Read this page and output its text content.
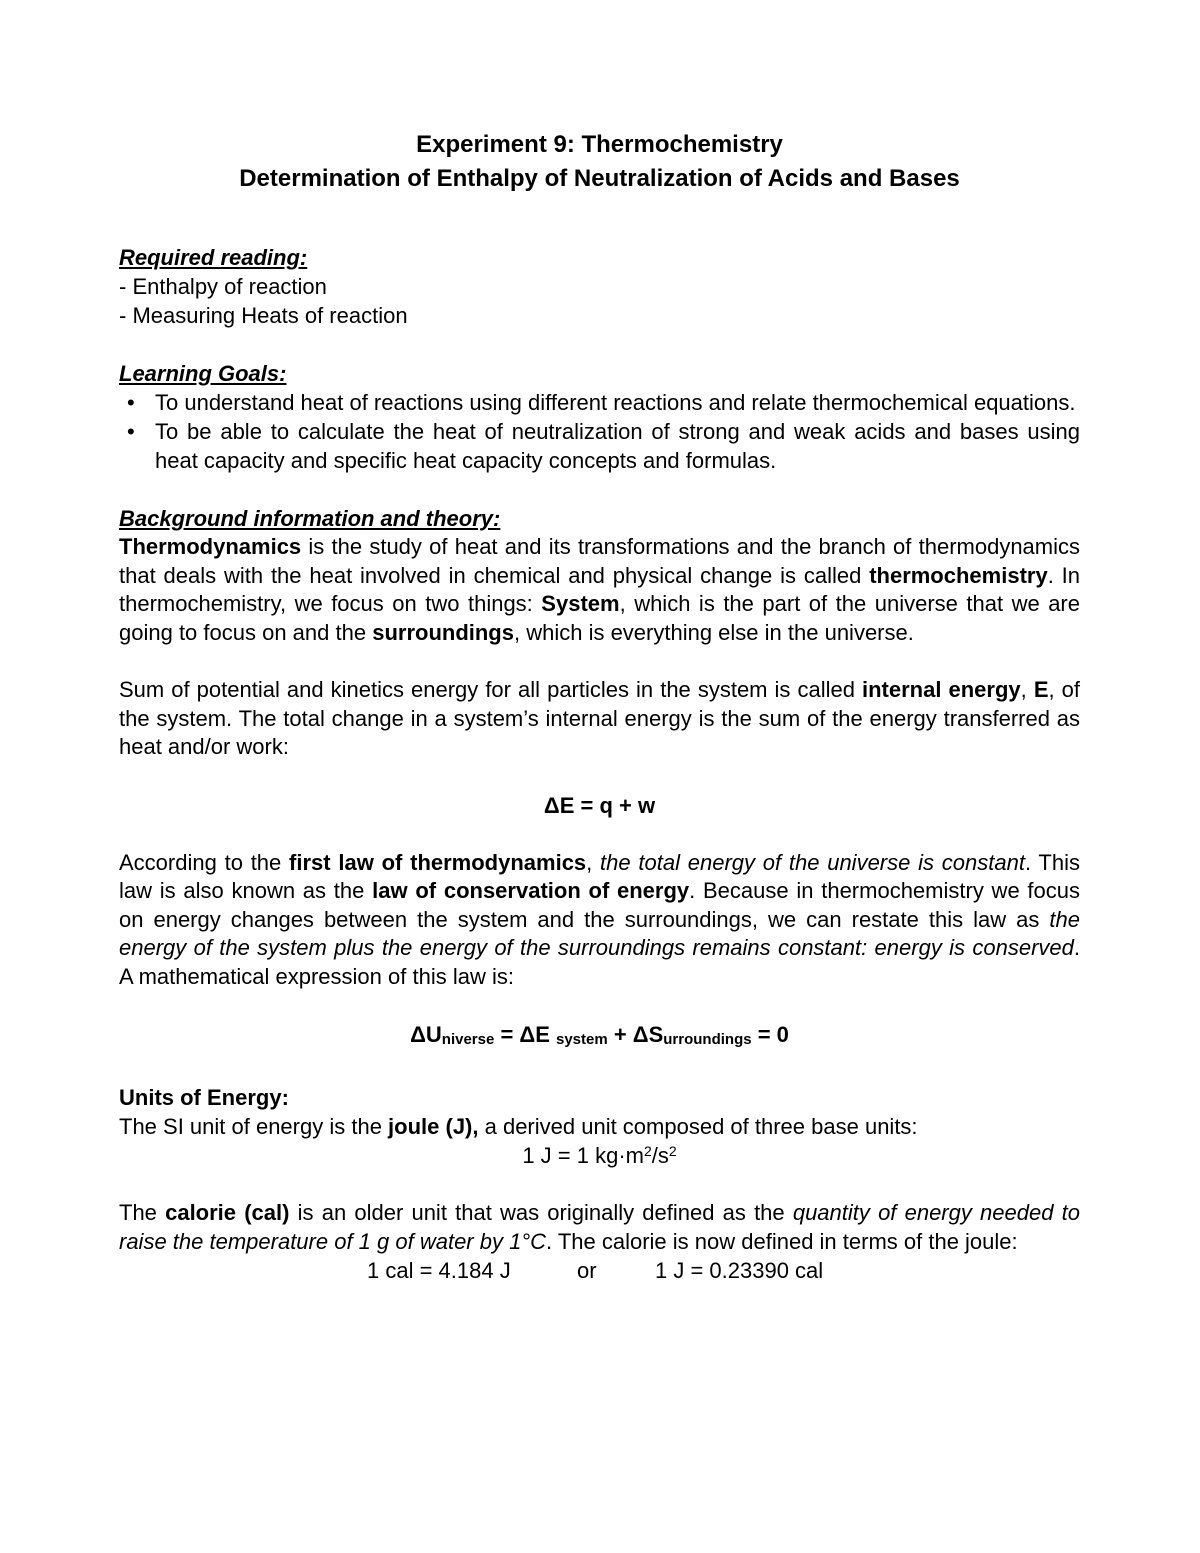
Experiment 9: Thermochemistry
Determination of Enthalpy of Neutralization of Acids and Bases
Required reading:
- Enthalpy of reaction
- Measuring Heats of reaction
Learning Goals:
• To understand heat of reactions using different reactions and relate thermochemical equations.
• To be able to calculate the heat of neutralization of strong and weak acids and bases using heat capacity and specific heat capacity concepts and formulas.
Background information and theory:

Thermodynamics is the study of heat and its transformations and the branch of thermodynamics that deals with the heat involved in chemical and physical change is called thermochemistry. In thermochemistry, we focus on two things: System, which is the part of the universe that we are going to focus on and the surroundings, which is everything else in the universe.

Sum of potential and kinetics energy for all particles in the system is called internal energy, E, of the system. The total change in a system’s internal energy is the sum of the energy transferred as heat and/or work:

ΔE = q + w

According to the first law of thermodynamics, the total energy of the universe is constant. This law is also known as the law of conservation of energy. Because in thermochemistry we focus on energy changes between the system and the surroundings, we can restate this law as the energy of the system plus the energy of the surroundings remains constant: energy is conserved. A mathematical expression of this law is:

ΔUniverse = ΔE system + ΔSurroundings = 0
Units of Energy:
The SI unit of energy is the joule (J), a derived unit composed of three base units:
1 J = 1 $kg\cdot m^2/s^2$

The calorie (cal) is an older unit that was originally defined as the quantity of energy needed to raise the temperature of 1 g of water by 1°C. The calorie is now defined in terms of the joule:

1 cal = 4.184 J	or	1 J = 0.23390 cal
